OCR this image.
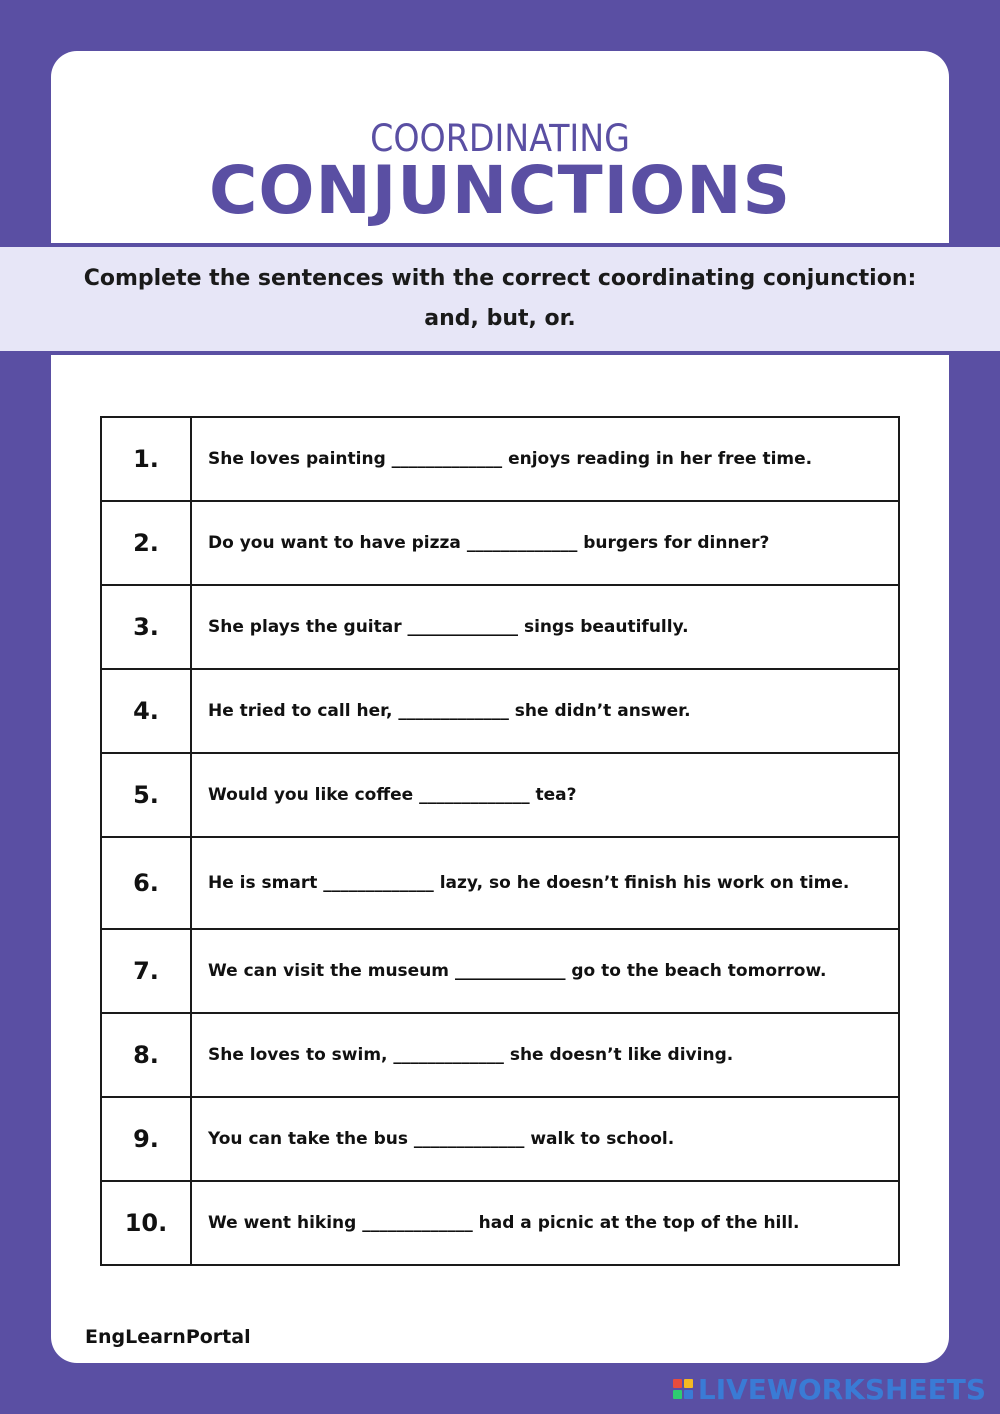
COORDINATING
CONJUNCTIONS
Complete the sentences with the correct coordinating conjunction:
and, but, or.
1.	She loves painting _____________ enjoys reading in her free time.
2.	Do you want to have pizza _____________ burgers for dinner?
3.	She plays the guitar _____________ sings beautifully.
4.	He tried to call her, _____________ she didn’t answer.
5.	Would you like coffee _____________ tea?
6.	He is smart _____________ lazy, so he doesn’t finish his work on time.
7.	We can visit the museum _____________ go to the beach tomorrow.
8.	She loves to swim, _____________ she doesn’t like diving.
9.	You can take the bus _____________ walk to school.
10.	We went hiking _____________ had a picnic at the top of the hill.
EngLearnPortal
LIVEWORKSHEETS
